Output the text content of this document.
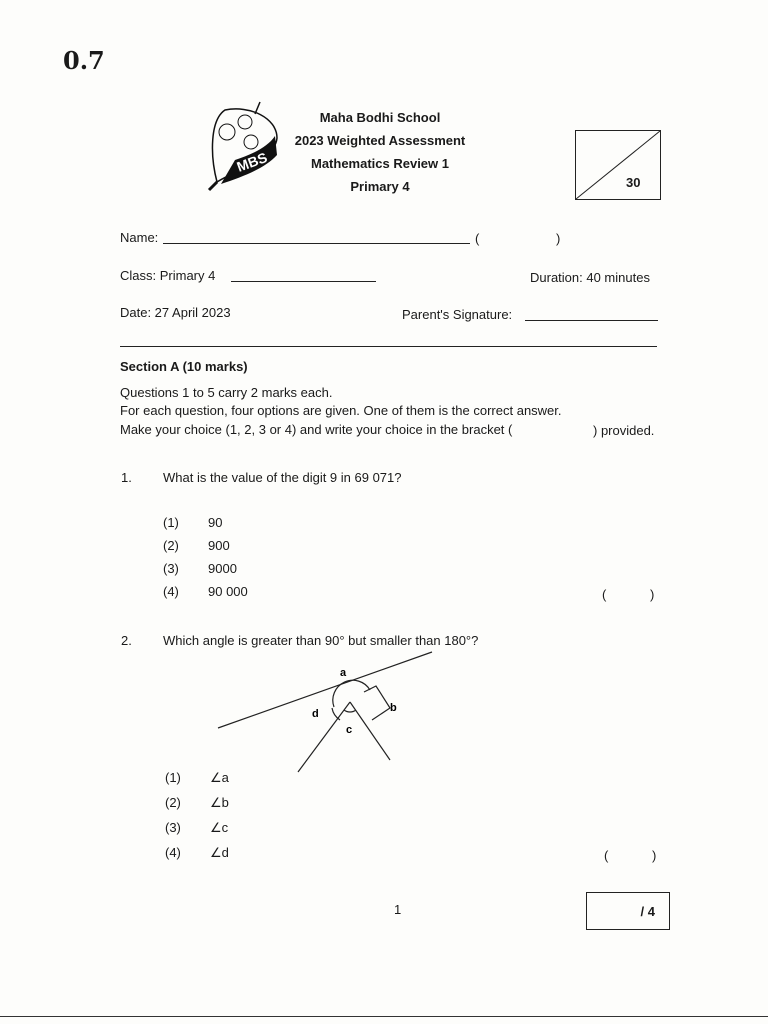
0.7
MBS
Maha Bodhi School
2023 Weighted Assessment
Mathematics Review 1
Primary 4	30
Name:	(	)
Class: Primary 4	Duration: 40 minutes
Date: 27 April 2023	Parent's Signature:
Section A (10 marks)
Questions 1 to 5 carry 2 marks each.
For each question, four options are given. One of them is the correct answer.
Make your choice (1, 2, 3 or 4) and write your choice in the bracket (	) provided.
1. What is the value of the digit 9 in 69 071?
(1) 90
(2) 900
(3) 9000
(4) 90 000	(	)
2. Which angle is greater than 90° but smaller than 180°?
a
b
c
d
(1) ∠a
(2) ∠b
(3) ∠c
(4) ∠d	(	)
1	/ 4
